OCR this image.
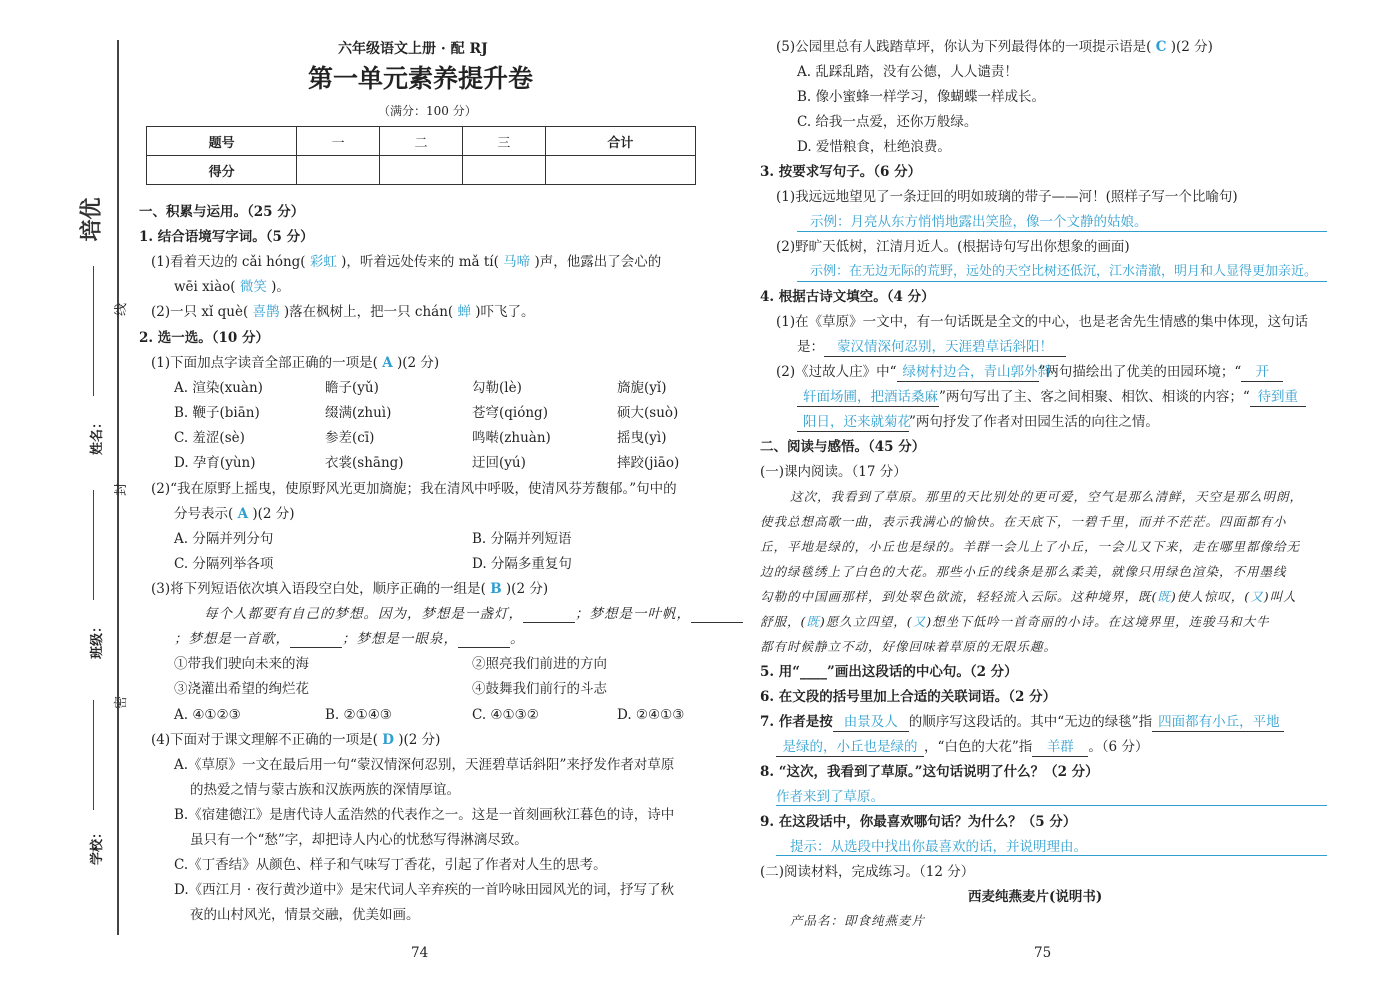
培优
线
封
密
姓名：
班级：
学校：
六年级语文上册 · 配 RJ
第一单元素养提升卷
（满分：100 分）
题号	一	二	三	合计
得分				
一、积累与运用。（25 分）
1. 结合语境写字词。（5 分）
(1)看着天边的 cǎi hóng( 彩虹 )，听着远处传来的 mǎ tí( 马啼 )声，他露出了会心的
wēi xiào( 微笑 )。
(2)一只 xǐ què( 喜鹊 )落在枫树上，把一只 chán( 蝉 )吓飞了。
2. 选一选。（10 分）
(1)下面加点字读音全部正确的一项是( A )(2 分)
A. 渲染(xuàn)	瞻子(yǔ)	勾勒(lè)	旖旎(yǐ)
B. 鞭子(biān)	缀满(zhuì)	苍穹(qióng)	硕大(suò)
C. 羞涩(sè)	参差(cī)	鸣啭(zhuàn)	摇曳(yì)
D. 孕育(yùn)	衣裳(shāng)	迂回(yú)	摔跤(jiāo)
(2)“我在原野上摇曳，使原野风光更加旖旎；我在清风中呼吸，使清风芬芳馥郁。”句中的
分号表示( A )(2 分)
A. 分隔并列分句	B. 分隔并列短语
C. 分隔列举各项	D. 分隔多重复句
(3)将下列短语依次填入语段空白处，顺序正确的一组是( B )(2 分)
每个人都要有自己的梦想。因为，梦想是一盏灯，	；梦想是一叶帆，
；梦想是一首歌，	；梦想是一眼泉，	。
①带我们驶向未来的海	②照亮我们前进的方向
③浇灌出希望的绚烂花	④鼓舞我们前行的斗志
A. ④①②③	B. ②①④③	C. ④①③②	D. ②④①③
(4)下面对于课文理解不正确的一项是( D )(2 分)
A.《草原》一文在最后用一句“蒙汉情深何忍别，天涯碧草话斜阳”来抒发作者对草原
的热爱之情与蒙古族和汉族两族的深情厚谊。
B.《宿建德江》是唐代诗人孟浩然的代表作之一。这是一首刻画秋江暮色的诗，诗中
虽只有一个“愁”字，却把诗人内心的忧愁写得淋漓尽致。
C.《丁香结》从颜色、样子和气味写丁香花，引起了作者对人生的思考。
D.《西江月 · 夜行黄沙道中》是宋代词人辛弃疾的一首吟咏田园风光的词，抒写了秋
夜的山村风光，情景交融，优美如画。
74
(5)公园里总有人践踏草坪，你认为下列最得体的一项提示语是( C )(2 分)
A. 乱踩乱踏，没有公德，人人谴责！
B. 像小蜜蜂一样学习，像蝴蝶一样成长。
C. 给我一点爱，还你万般绿。
D. 爱惜粮食，杜绝浪费。
3. 按要求写句子。（6 分）
(1)我远远地望见了一条迂回的明如玻璃的带子——河！(照样子写一个比喻句)
示例：月亮从东方悄悄地露出笑脸，像一个文静的姑娘。
(2)野旷天低树，江清月近人。(根据诗句写出你想象的画面)
示例：在无边无际的荒野，远处的天空比树还低沉，江水清澈，明月和人显得更加亲近。
4. 根据古诗文填空。（4 分）
(1)在《草原》一文中，有一句话既是全文的中心，也是老舍先生情感的集中体现，这句话
是： 蒙汉情深何忍别，天涯碧草话斜阳！
(2)《过故人庄》中“ 绿树村边合，青山郭外斜”两句描绘出了优美的田园环境；“ 开
轩面场圃，把酒话桑麻”两句写出了主、客之间相聚、相饮、相谈的内容；“ 待到重
阳日，还来就菊花”两句抒发了作者对田园生活的向往之情。
二、阅读与感悟。（45 分）
(一)课内阅读。（17 分）
这次，我看到了草原。那里的天比别处的更可爱，空气是那么清鲜，天空是那么明朗，
使我总想高歌一曲，表示我满心的愉快。在天底下，一碧千里，而并不茫茫。四面都有小
丘，平地是绿的，小丘也是绿的。羊群一会儿上了小丘，一会儿又下来，走在哪里都像给无
边的绿毯绣上了白色的大花。那些小丘的线条是那么柔美，就像只用绿色渲染，不用墨线
勾勒的中国画那样，到处翠色欲流，轻轻流入云际。这种境界，既(既)使人惊叹，(又)叫人
舒服，(既)愿久立四望，(又)想坐下低吟一首奇丽的小诗。在这境界里，连骏马和大牛
都有时候静立不动，好像回味着草原的无限乐趣。
5. 用“____”画出这段话的中心句。（2 分）
6. 在文段的括号里加上合适的关联词语。（2 分）
7. 作者是按 由景及人 的顺序写这段话的。其中“无边的绿毯”指 四面都有小丘，平地
是绿的，小丘也是绿的 ，“白色的大花”指 羊群 。（6 分）
8. “这次，我看到了草原。”这句话说明了什么？（2 分）
作者来到了草原。
9. 在这段话中，你最喜欢哪句话？为什么？（5 分）
提示：从选段中找出你最喜欢的话，并说明理由。
(二)阅读材料，完成练习。（12 分）
西麦纯燕麦片(说明书)
产品名：即食纯燕麦片
75
